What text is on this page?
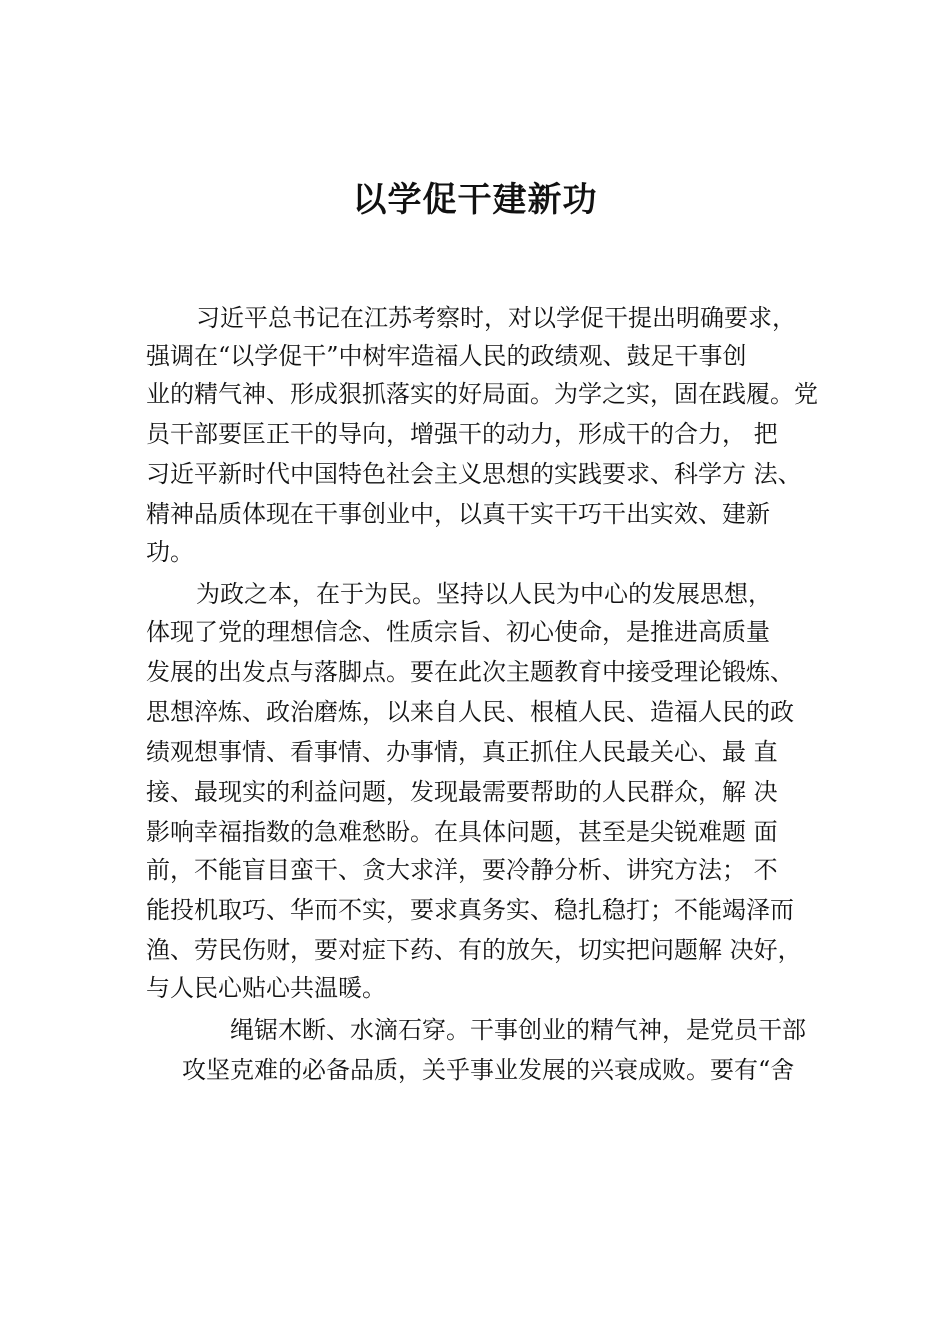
以学促干建新功
习近平总书记在江苏考察时，对以学促干提出明确要求，
强调在“以学促干”中树牢造福人民的政绩观、鼓足干事创
业的精气神、形成狠抓落实的好局面。为学之实，固在践履。党
员干部要匡正干的导向，增强干的动力，形成干的合力， 把
习近平新时代中国特色社会主义思想的实践要求、科学方 法、
精神品质体现在干事创业中，以真干实干巧干出实效、建新
功。
为政之本，在于为民。坚持以人民为中心的发展思想，
体现了党的理想信念、性质宗旨、初心使命，是推进高质量
发展的出发点与落脚点。要在此次主题教育中接受理论锻炼、
思想淬炼、政治磨炼，以来自人民、根植人民、造福人民的政
绩观想事情、看事情、办事情，真正抓住人民最关心、最 直
接、最现实的利益问题，发现最需要帮助的人民群众，解 决
影响幸福指数的急难愁盼。在具体问题，甚至是尖锐难题 面
前，不能盲目蛮干、贪大求洋，要冷静分析、讲究方法； 不
能投机取巧、华而不实，要求真务实、稳扎稳打；不能竭泽而
渔、劳民伤财，要对症下药、有的放矢，切实把问题解 决好，
与人民心贴心共温暖。
绳锯木断、水滴石穿。干事创业的精气神，是党员干部
攻坚克难的必备品质，关乎事业发展的兴衰成败。要有“舍
